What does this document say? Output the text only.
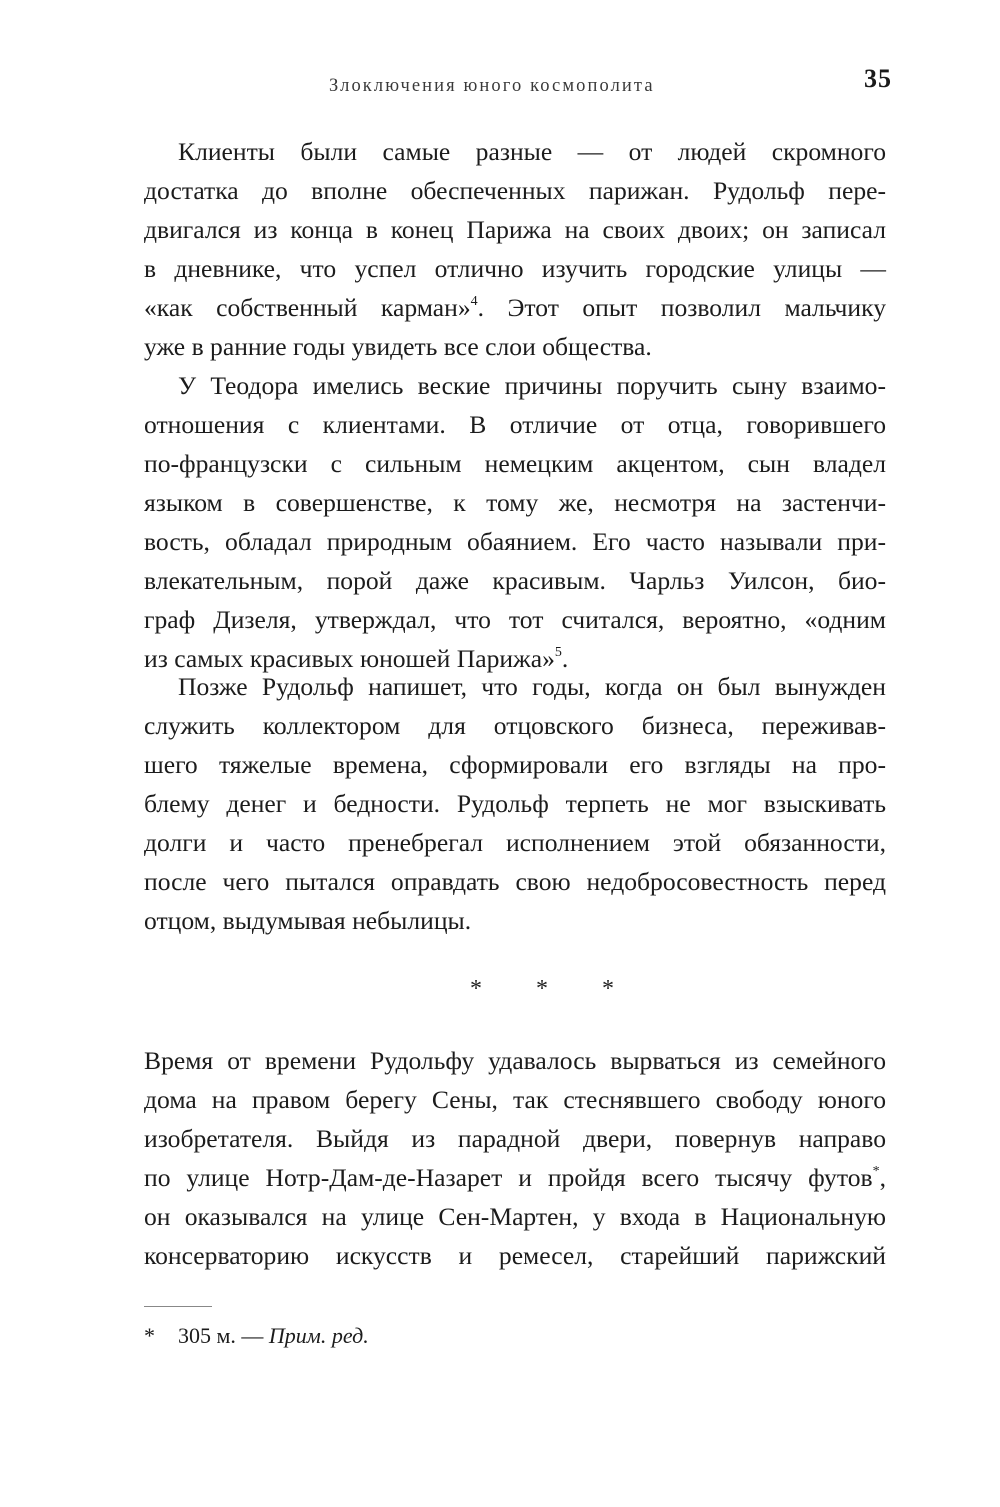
Злоключения юного космополита	35
Клиенты были самые разные — от людей скромного
достатка до вполне обеспеченных парижан. Рудольф пере-
двигался из конца в конец Парижа на своих двоих; он записал
в дневнике, что успел отлично изучить городские улицы —
«как собственный карман»$^4$. Этот опыт позволил мальчику
уже в ранние годы увидеть все слои общества.
У Теодора имелись веские причины поручить сыну взаимо-
отношения с клиентами. В отличие от отца, говорившего
по-французски с сильным немецким акцентом, сын владел
языком в совершенстве, к тому же, несмотря на застенчи-
вость, обладал природным обаянием. Его часто называли при-
влекательным, порой даже красивым. Чарльз Уилсон, био-
граф Дизеля, утверждал, что тот считался, вероятно, «одним
из самых красивых юношей Парижа»$^5$.
Позже Рудольф напишет, что годы, когда он был вынужден
служить коллектором для отцовского бизнеса, переживав-
шего тяжелые времена, сформировали его взгляды на про-
блему денег и бедности. Рудольф терпеть не мог взыскивать
долги и часто пренебрегал исполнением этой обязанности,
после чего пытался оправдать свою недобросовестность перед
отцом, выдумывая небылицы.
* * *
Время от времени Рудольфу удавалось вырваться из семейного
дома на правом берегу Сены, так стеснявшего свободу юного
изобретателя. Выйдя из парадной двери, повернув направо
по улице Нотр-Дам-де-Назарет и пройдя всего тысячу футов*,
он оказывался на улице Сен-Мартен, у входа в Национальную
консерваторию искусств и ремесел, старейший парижский
* 305 м. — Прим. ред.
